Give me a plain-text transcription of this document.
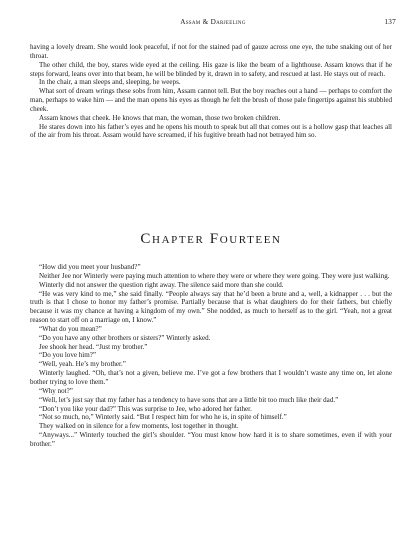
Assam & Darjeeling	137

having a lovely dream. She would look peaceful, if not for the stained pad of gauze across one eye, the tube snaking out of her throat.

The other child, the boy, stares wide eyed at the ceiling. His gaze is like the beam of a lighthouse. Assam knows that if he steps forward, leans over into that beam, he will be blinded by it, drawn in to safety, and rescued at last. He stays out of reach.

In the chair, a man sleeps and, sleeping, he weeps.

What sort of dream wrings these sobs from him, Assam cannot tell. But the boy reaches out a hand — perhaps to comfort the man, perhaps to wake him — and the man opens his eyes as though he felt the brush of those pale fingertips against his stubbled cheek.

Assam knows that cheek. He knows that man, the woman, those two broken children.

He stares down into his father’s eyes and he opens his mouth to speak but all that comes out is a hollow gasp that leaches all of the air from his throat. Assam would have screamed, if his fugitive breath had not betrayed him so.

Chapter Fourteen

“How did you meet your husband?”

Neither Jee nor Winterly were paying much attention to where they were or where they were going. They were just walking.

Winterly did not answer the question right away. The silence said more than she could.

“He was very kind to me,” she said finally. “People always say that he’d been a brute and a, well, a kidnapper . . . but the truth is that I chose to honor my father’s promise. Partially because that is what daughters do for their fathers, but chiefly because it was my chance at having a kingdom of my own.” She nodded, as much to herself as to the girl. “Yeah, not a great reason to start off on a marriage on, I know.”

“What do you mean?”

“Do you have any other brothers or sisters?” Winterly asked.

Jee shook her head. “Just my brother.”

“Do you love him?”

“Well, yeah. He’s my brother.”

Winterly laughed. “Oh, that’s not a given, believe me. I’ve got a few brothers that I wouldn’t waste any time on, let alone bother trying to love them.”

“Why not?”

“Well, let’s just say that my father has a tendency to have sons that are a little bit too much like their dad.”

“Don’t you like your dad?” This was surprise to Jee, who adored her father.

“Not so much, no,” Winterly said. “But I respect him for who he is, in spite of himself.”

They walked on in silence for a few moments, lost together in thought.

“Anyways...” Winterly touched the girl’s shoulder. “You must know how hard it is to share sometimes, even if with your brother.”
